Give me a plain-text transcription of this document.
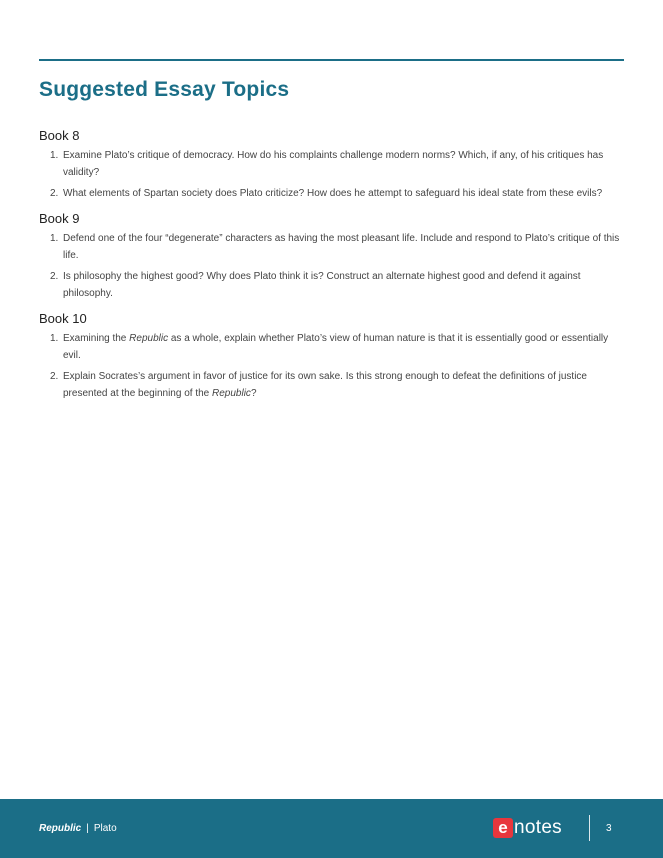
Suggested Essay Topics
Book 8
1. Examine Plato’s critique of democracy. How do his complaints challenge modern norms? Which, if any, of his critiques has validity?
2. What elements of Spartan society does Plato criticize? How does he attempt to safeguard his ideal state from these evils?
Book 9
1. Defend one of the four “degenerate” characters as having the most pleasant life. Include and respond to Plato’s critique of this life.
2. Is philosophy the highest good? Why does Plato think it is? Construct an alternate highest good and defend it against philosophy.
Book 10
1. Examining the Republic as a whole, explain whether Plato’s view of human nature is that it is essentially good or essentially evil.
2. Explain Socrates’s argument in favor of justice for its own sake. Is this strong enough to defeat the definitions of justice presented at the beginning of the Republic?
Republic | Plato	e notes	3
